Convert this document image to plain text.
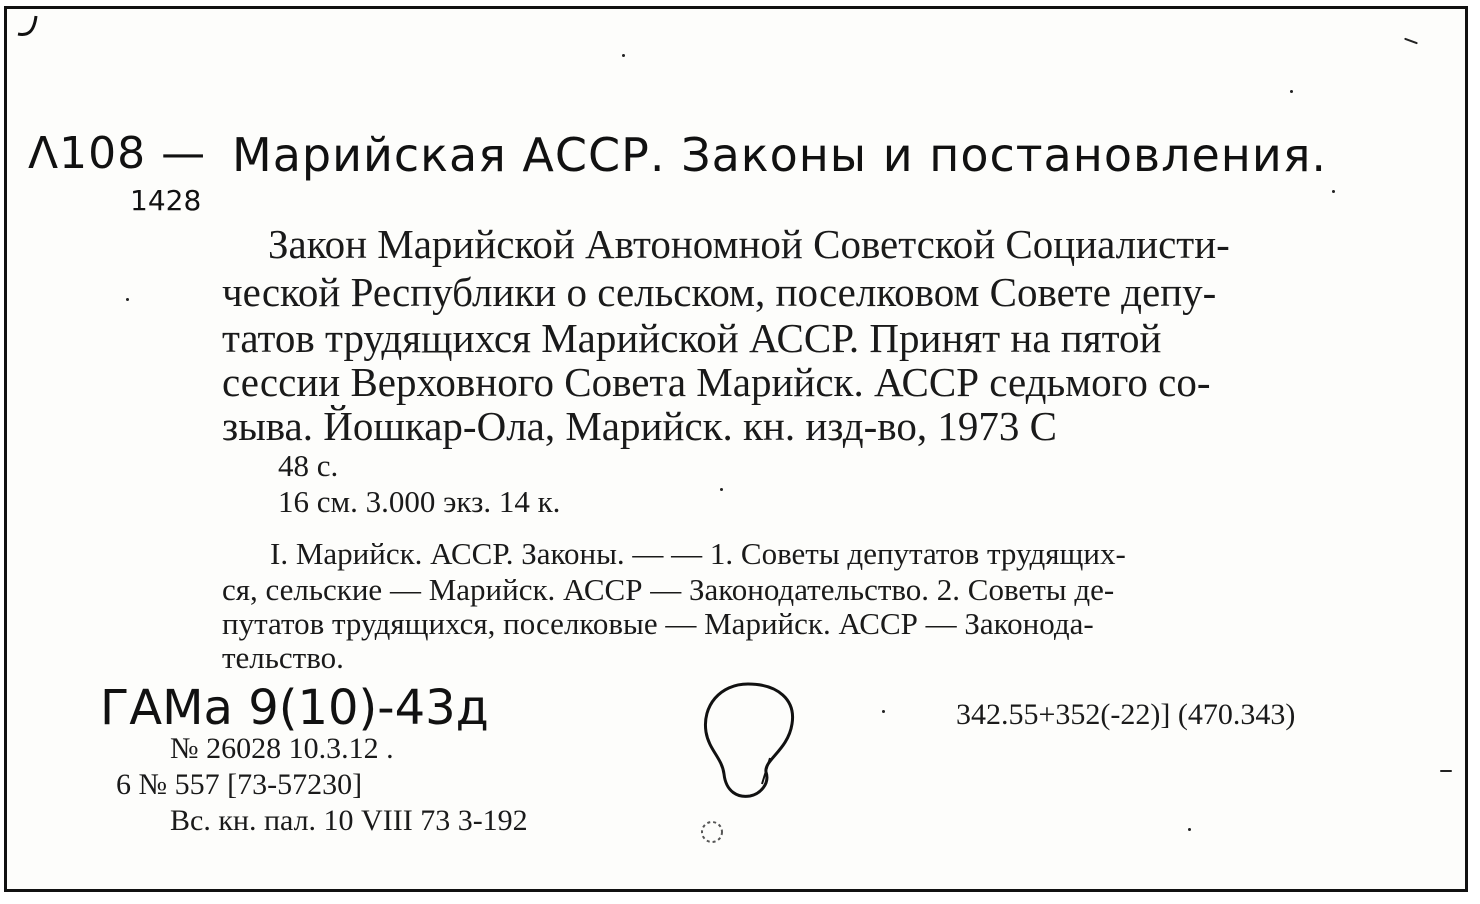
Λ108 —
1428
Марийская АССР. Законы и постановления.
Закон Марийской Автономной Советской Социалисти-
ческой Республики о сельском, поселковом Совете депу-
татов трудящихся Марийской АССР. Принят на пятой
сессии Верховного Совета Марийск. АССР седьмого со-
зыва. Йошкар-Ола, Марийск. кн. изд-во, 1973 С
48 с.
16 см. 3.000 экз. 14 к.
I. Марийск. АССР. Законы. — — 1. Советы депутатов трудящих-
ся, сельские — Марийск. АССР — Законодательство. 2. Советы де-
путатов трудящихся, поселковые — Марийск. АССР — Законода-
тельство.
ГАМа 9(10)-43д
№ 26028 10.3.12 .
6 № 557 [73-57230]
Вс. кн. пал. 10 VIII 73 3-192
342.55+352(-22)] (470.343)
